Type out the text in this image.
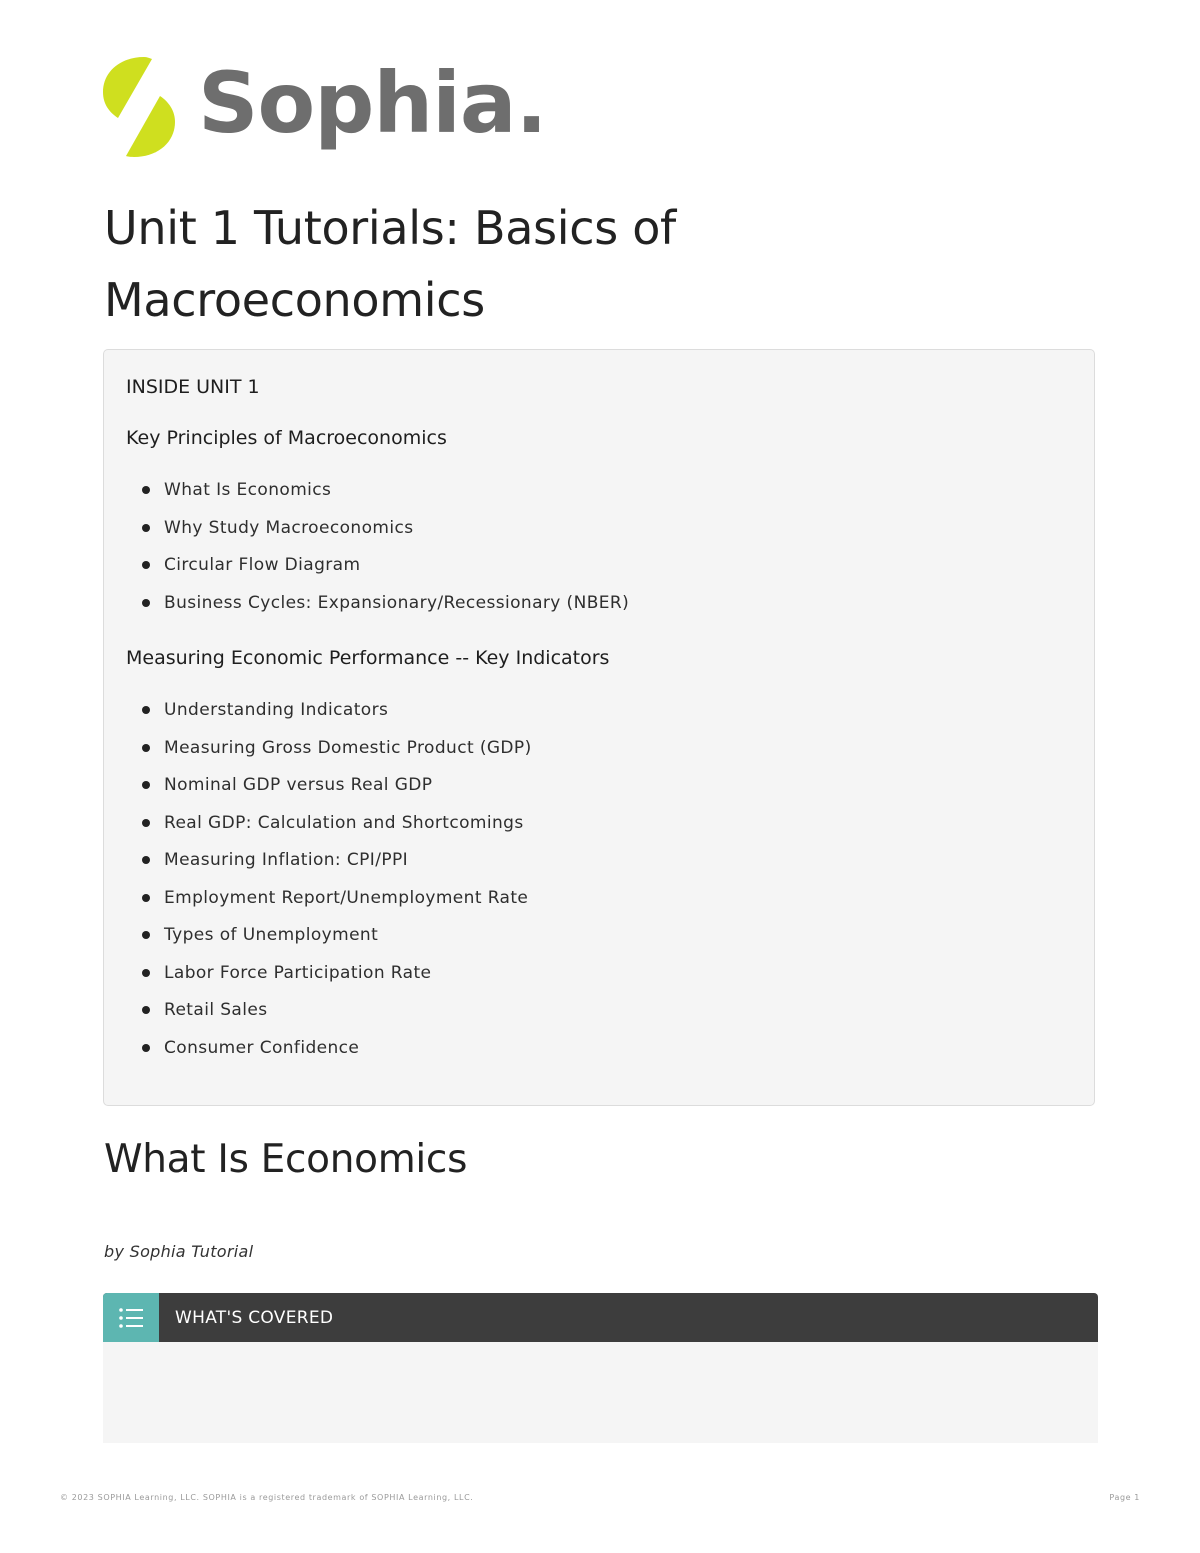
Sophia.
Unit 1 Tutorials: Basics of Macroeconomics
INSIDE UNIT 1
Key Principles of Macroeconomics
What Is Economics
Why Study Macroeconomics
Circular Flow Diagram
Business Cycles: Expansionary/Recessionary (NBER)
Measuring Economic Performance -- Key Indicators
Understanding Indicators
Measuring Gross Domestic Product (GDP)
Nominal GDP versus Real GDP
Real GDP: Calculation and Shortcomings
Measuring Inflation: CPI/PPI
Employment Report/Unemployment Rate
Types of Unemployment
Labor Force Participation Rate
Retail Sales
Consumer Confidence
What Is Economics
by Sophia Tutorial
WHAT'S COVERED
© 2023 SOPHIA Learning, LLC. SOPHIA is a registered trademark of SOPHIA Learning, LLC.	Page 1
